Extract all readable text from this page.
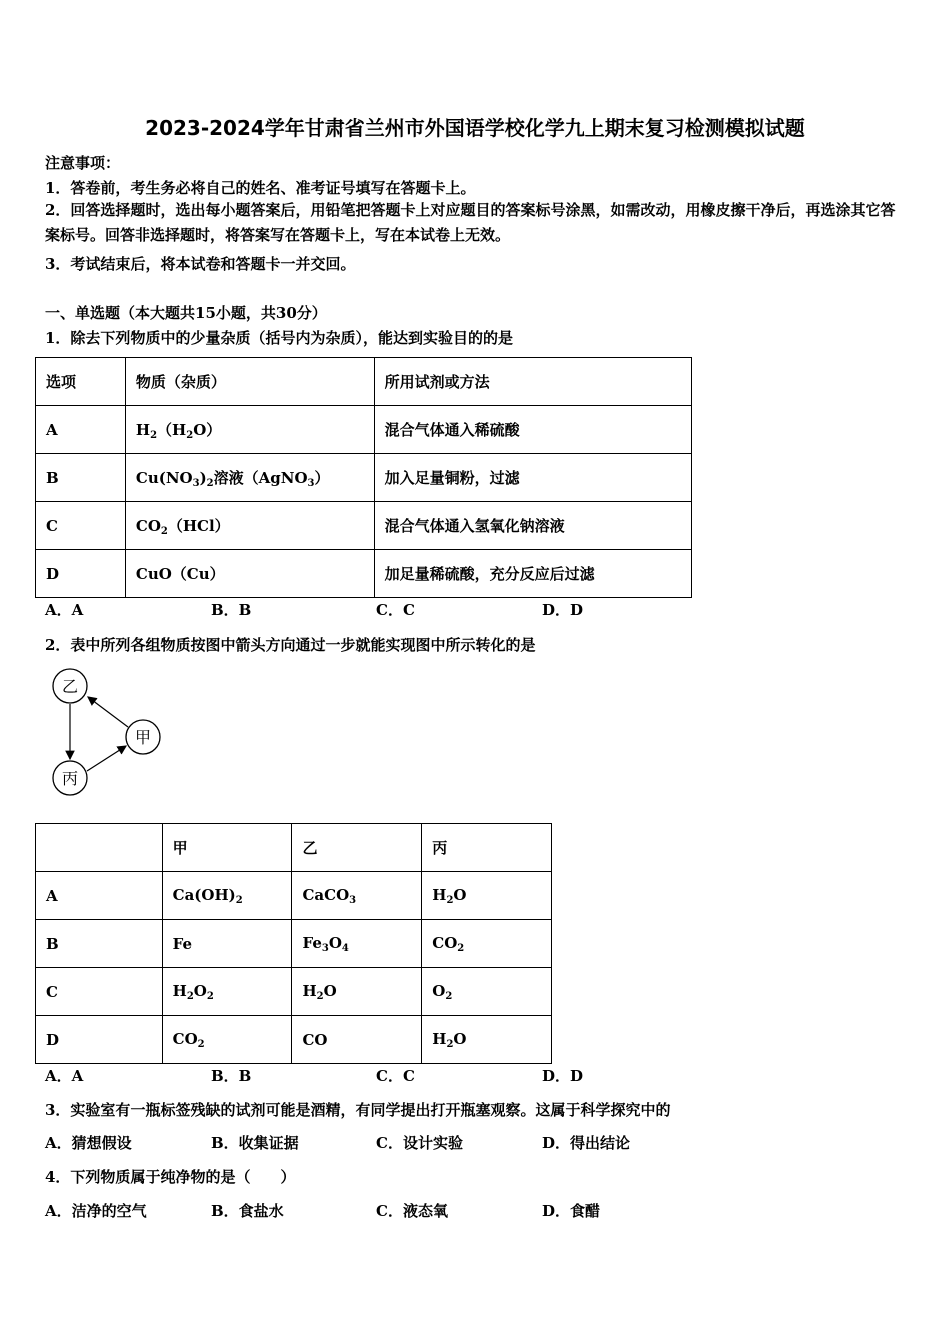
2023-2024学年甘肃省兰州市外国语学校化学九上期末复习检测模拟试题
注意事项：
1．答卷前，考生务必将自己的姓名、准考证号填写在答题卡上。
2．回答选择题时，选出每小题答案后，用铅笔把答题卡上对应题目的答案标号涂黑，如需改动，用橡皮擦干净后，再选涂其它答案标号。回答非选择题时，将答案写在答题卡上，写在本试卷上无效。
3．考试结束后，将本试卷和答题卡一并交回。
一、单选题（本大题共15小题，共30分）
1．除去下列物质中的少量杂质（括号内为杂质），能达到实验目的的是
选项	物质（杂质）	所用试剂或方法
A	$H_2(H_2O)$	混合气体通入稀硫酸
B	$Cu(NO_3)_2$溶液（AgNO$_3$）	加入足量铜粉，过滤
C	$CO_2(HCl)$	混合气体通入氢氧化钠溶液
D	CuO（Cu）	加足量稀硫酸，充分反应后过滤
A．A	B．B	C．C	D．D
2．表中所列各组物质按图中箭头方向通过一步就能实现图中所示转化的是
乙
甲
丙
	甲	乙	丙
A	$Ca(OH)_2$	CaCO$_3$	$H_2O$
B	Fe	$Fe_3O_4$	$CO_2$
C	$H_2O_2$	$H_2O$	$O_2$
D	$CO_2$	CO	$H_2O$
A．A	B．B	C．C	D．D
3．实验室有一瓶标签残缺的试剂可能是酒精，有同学提出打开瓶塞观察。这属于科学探究中的
A．猜想假设	B．收集证据	C．设计实验	D．得出结论
4．下列物质属于纯净物的是（　　）
A．洁净的空气	B．食盐水	C．液态氧	D．食醋
